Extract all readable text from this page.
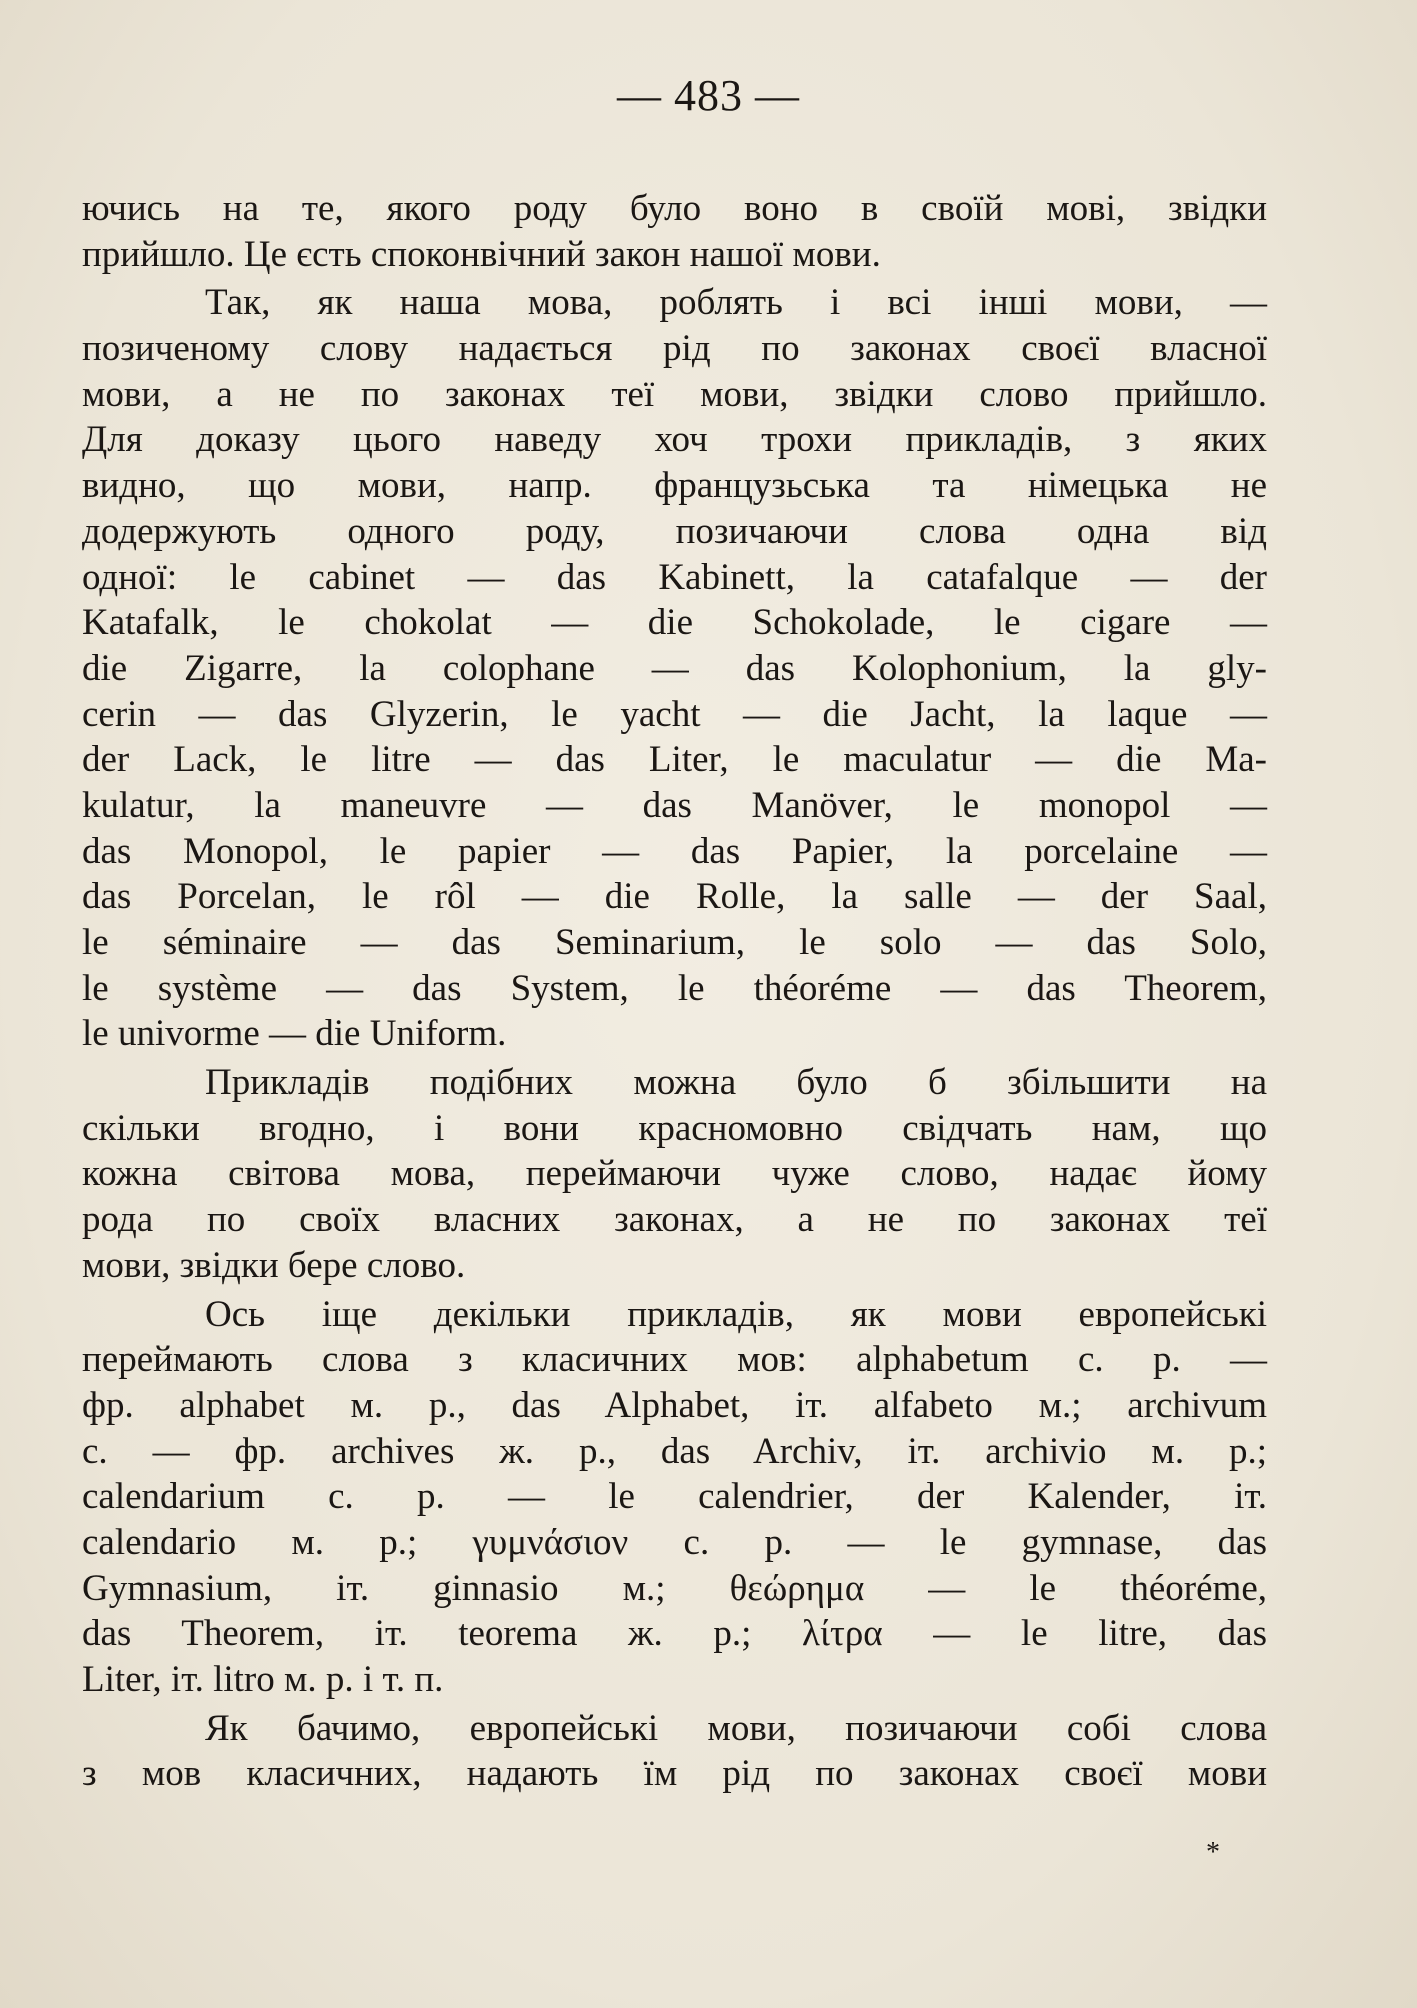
— 483 —
ючись на те, якого роду було воно в своїй мові, звідки
прийшло. Це єсть споконвічний закон нашої мови.
Так, як наша мова, роблять і всі інші мови, —
позиченому слову надається рід по законах своєї власної
мови, а не по законах теї мови, звідки слово прийшло.
Для доказу цього наведу хоч трохи прикладів, з яких
видно, що мови, напр. французьська та німецька не
додержують одного роду, позичаючи слова одна від
одної: le cabinet — das Kabinett, la catafalque — der
Katafalk, le chokolat — die Schokolade, le cigare —
die Zigarre, la colophane — das Kolophonium, la gly-
cerin — das Glyzerin, le yacht — die Jacht, la laque —
der Lack, le litre — das Liter, le maculatur — die Ma-
kulatur, la maneuvre — das Manöver, le monopol —
das Monopol, le papier — das Papier, la porcelaine —
das Porcelan, le rôl — die Rolle, la salle — der Saal,
le séminaire — das Seminarium, le solo — das Solo,
le système — das System, le théoréme — das Theorem,
le univorme — die Uniform.
Прикладів подібних можна було б збільшити на
скільки вгодно, і вони красномовно свідчать нам, що
кожна світова мова, переймаючи чуже слово, надає йому
рода по своїх власних законах, а не по законах теї
мови, звідки бере слово.
Ось іще декільки прикладів, як мови европейські
переймають слова з класичних мов: alphabetum с. р. —
фр. alphabet м. р., das Alphabet, іт. alfabeto м.; archivum
с. — фр. archives ж. р., das Archiv, іт. archivio м. р.;
calendarium с. р. — le calendrier, der Kalender, іт.
calendario м. р.; γυμνάσιον с. р. — le gymnase, das
Gymnasium, іт. ginnasio м.; θεώρημα — le théoréme,
das Theorem, іт. teorema ж. р.; λίτρα — le litre, das
Liter, іт. litro м. р. і т. п.
Як бачимо, европейські мови, позичаючи собі слова
з мов класичних, надають їм рід по законах своєї мови
*
